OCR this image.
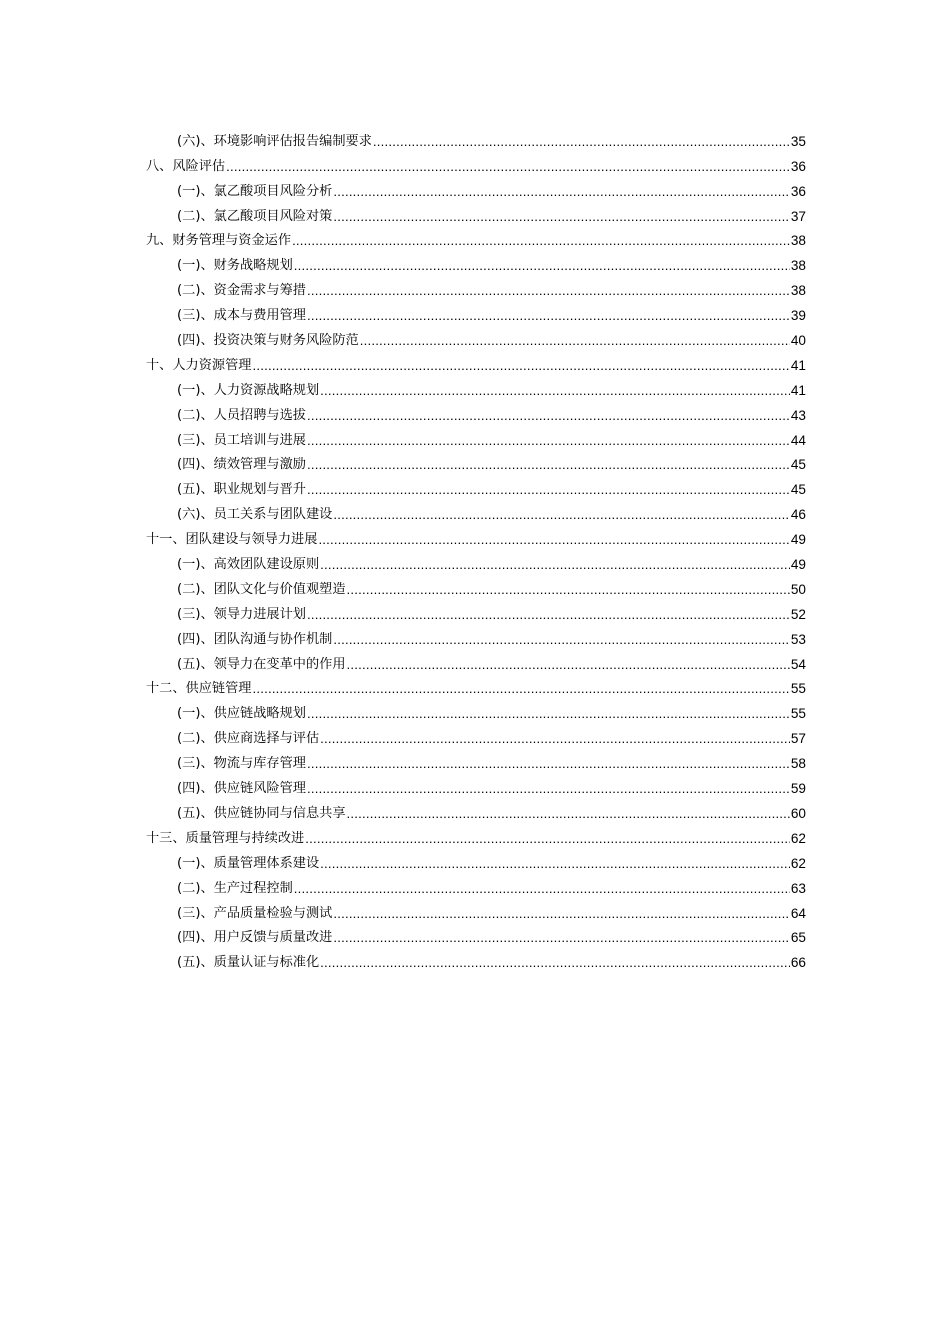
(六)、环境影响评估报告编制要求 .....	35
八、风险评估 .....	36
(一)、氯乙酸项目风险分析 .....	36
(二)、氯乙酸项目风险对策 .....	37
九、财务管理与资金运作 .....	38
(一)、财务战略规划 .....	38
(二)、资金需求与筹措 .....	38
(三)、成本与费用管理 .....	39
(四)、投资决策与财务风险防范 .....	40
十、人力资源管理 .....	41
(一)、人力资源战略规划 .....	41
(二)、人员招聘与选拔 .....	43
(三)、员工培训与进展 .....	44
(四)、绩效管理与激励 .....	45
(五)、职业规划与晋升 .....	45
(六)、员工关系与团队建设 .....	46
十一、团队建设与领导力进展 .....	49
(一)、高效团队建设原则 .....	49
(二)、团队文化与价值观塑造 .....	50
(三)、领导力进展计划 .....	52
(四)、团队沟通与协作机制 .....	53
(五)、领导力在变革中的作用 .....	54
十二、供应链管理 .....	55
(一)、供应链战略规划 .....	55
(二)、供应商选择与评估 .....	57
(三)、物流与库存管理 .....	58
(四)、供应链风险管理 .....	59
(五)、供应链协同与信息共享 .....	60
十三、质量管理与持续改进 .....	62
(一)、质量管理体系建设 .....	62
(二)、生产过程控制 .....	63
(三)、产品质量检验与测试 .....	64
(四)、用户反馈与质量改进 .....	65
(五)、质量认证与标准化 .....	66
